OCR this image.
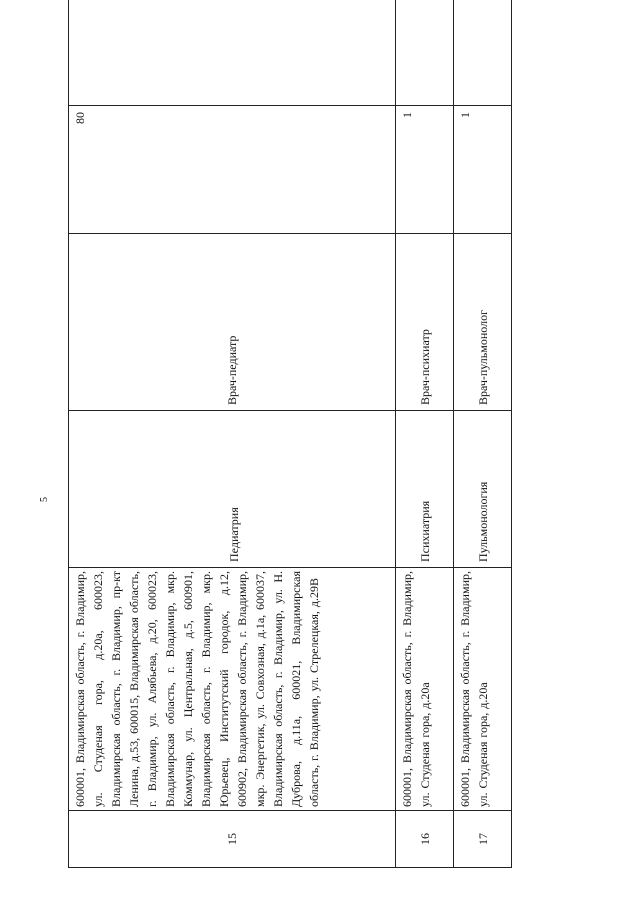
5
15	600001, Владимирская область, г. Владимир, ул. Студеная гора, д.20а, 600023, Владимирская область, г. Владимир, пр-кт Ленина, д.53, 600015, Владимирская область, г. Владимир, ул. Алябьева, д.20, 600023, Владимирская область, г. Владимир, мкр. Коммунар, ул. Центральная, д.5, 600901, Владимирская область, г. Владимир, мкр. Юрьевец, Институтский городок, д.12, 600902, Владимирская область, г. Владимир, мкр. Энергетик, ул. Совхозная, д.1а, 600037, Владимирская область, г. Владимир, ул. Н. Дуброва, д.11а, 600021, Владимирская область, г. Владимир, ул. Стрелецкая, д.29В	Педиатрия	Врач-педиатр	80	
16	600001, Владимирская область, г. Владимир, ул. Студеная гора, д.20а	Психиатрия	Врач-психиатр	1	
17	600001, Владимирская область, г. Владимир, ул. Студеная гора, д.20а	Пульмонология	Врач-пульмонолог	1	
